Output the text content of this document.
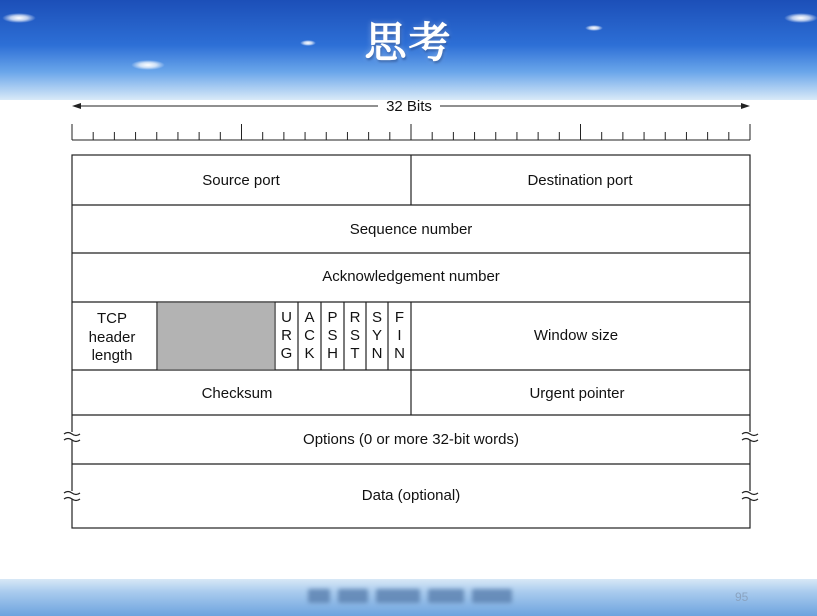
思考
32 Bits
Source port	Destination port
Sequence number
Acknowledgement number
TCP
header
length
U
R
G
A
C
K
P
S
H
R
S
T
S
Y
N
F
I
N
Window size
Checksum	Urgent pointer
Options (0 or more 32-bit words)
Data (optional)
95
